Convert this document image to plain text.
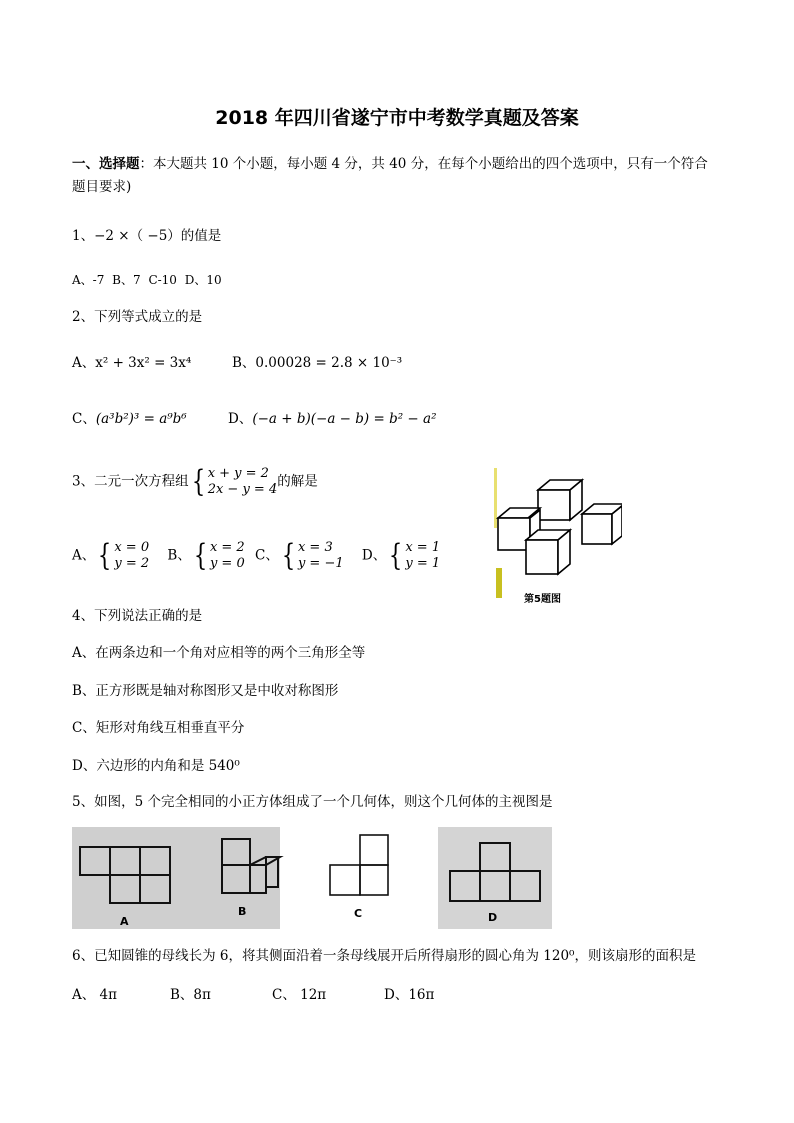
2018 年四川省遂宁市中考数学真题及答案
一、选择题：本大题共 10 个小题，每小题 4 分，共 40 分，在每个小题给出的四个选项中，只有一个符合
题目要求)
1、−2 ×（ −5）的值是
A、-7 B、7 C-10 D、10
2、下列等式成立的是
A、x² + 3x² = 3x⁴	B、0.00028 = 2.8 × 10⁻³
C、(a³b²)³ = a⁹b⁶	D、(−a + b)(−a − b) = b² − a²
3、二元一次方程组{ x + y = 2
2x − y = 4的解是
A、{ x = 0
y = 2 B、{ x = 2
y = 0 C、{ x = 3
y = −1 D、{ x = 1
y = 1
第5题图
4、下列说法正确的是
A、在两条边和一个角对应相等的两个三角形全等
B、正方形既是轴对称图形又是中收对称图形
C、矩形对角线互相垂直平分
D、六边形的内角和是 540⁰
5、如图，5 个完全相同的小正方体组成了一个几何体，则这个几何体的主视图是
A
B	C	D
6、已知圆锥的母线长为 6，将其侧面沿着一条母线展开后所得扇形的圆心角为 120⁰，则该扇形的面积是
A、 4π	B、8π	C、 12π	D、16π
